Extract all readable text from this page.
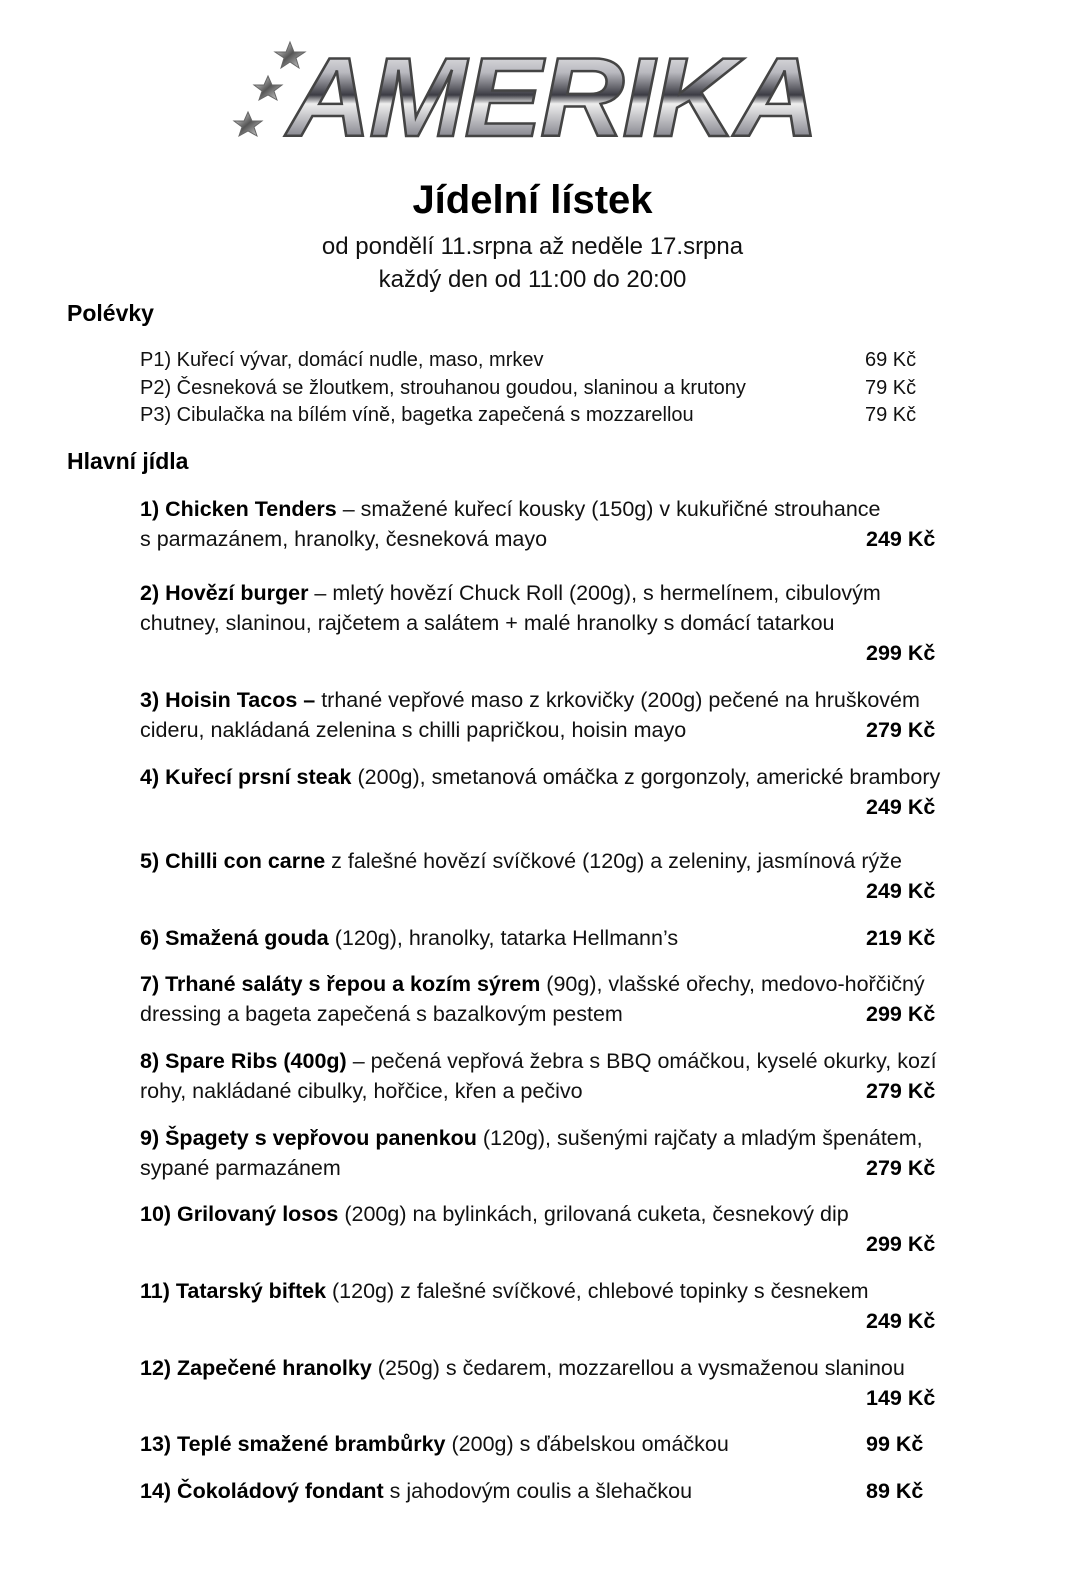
AMERIKA
Jídelní lístek
od pondělí 11.srpna až neděle 17.srpna
každý den od 11:00 do 20:00
Polévky
P1) Kuřecí vývar, domácí nudle, maso, mrkev	69 Kč
P2) Česneková se žloutkem, strouhanou goudou, slaninou a krutony	79 Kč
P3) Cibulačka na bílém víně, bagetka zapečená s mozzarellou	79 Kč
Hlavní jídla
1) Chicken Tenders – smažené kuřecí kousky (150g) v kukuřičné strouhance
s parmazánem, hranolky, česneková mayo	249 Kč
2) Hovězí burger – mletý hovězí Chuck Roll (200g), s hermelínem, cibulovým
chutney, slaninou, rajčetem a salátem + malé hranolky s domácí tatarkou
299 Kč
3) Hoisin Tacos – trhané vepřové maso z krkovičky (200g) pečené na hruškovém
cideru, nakládaná zelenina s chilli papričkou, hoisin mayo	279 Kč
4) Kuřecí prsní steak (200g), smetanová omáčka z gorgonzoly, americké brambory
249 Kč
5) Chilli con carne z falešné hovězí svíčkové (120g) a zeleniny, jasmínová rýže
249 Kč
6) Smažená gouda (120g), hranolky, tatarka Hellmann’s	219 Kč
7) Trhané saláty s řepou a kozím sýrem (90g), vlašské ořechy, medovo-hořčičný
dressing a bageta zapečená s bazalkovým pestem	299 Kč
8) Spare Ribs (400g) – pečená vepřová žebra s BBQ omáčkou, kyselé okurky, kozí
rohy, nakládané cibulky, hořčice, křen a pečivo	279 Kč
9) Špagety s vepřovou panenkou (120g), sušenými rajčaty a mladým špenátem,
sypané parmazánem	279 Kč
10) Grilovaný losos (200g) na bylinkách, grilovaná cuketa, česnekový dip
299 Kč
11) Tatarský biftek (120g) z falešné svíčkové, chlebové topinky s česnekem
249 Kč
12) Zapečené hranolky (250g) s čedarem, mozzarellou a vysmaženou slaninou
149 Kč
13) Teplé smažené brambůrky (200g) s ďábelskou omáčkou	99 Kč
14) Čokoládový fondant s jahodovým coulis a šlehačkou	89 Kč
